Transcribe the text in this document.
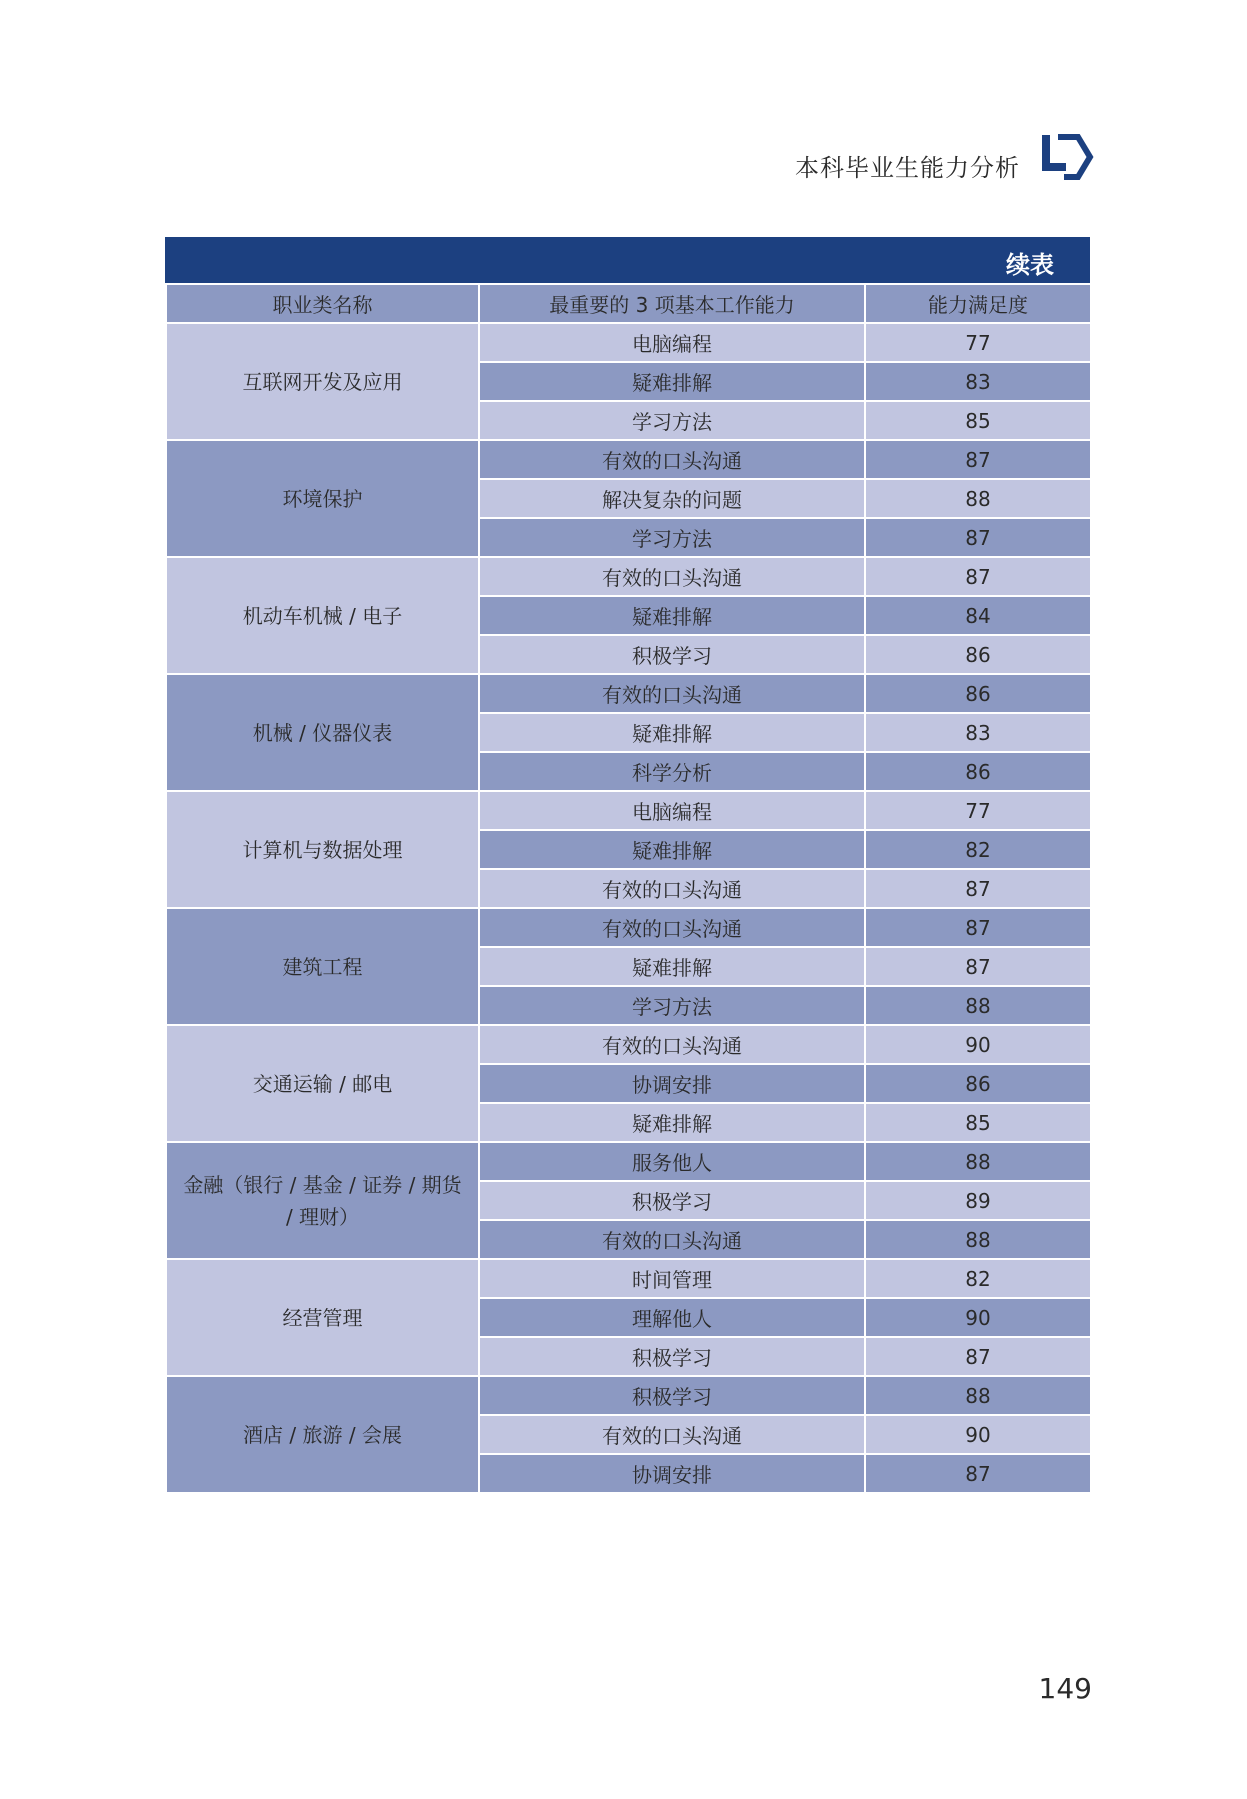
本科毕业生能力分析
续表
职业类名称	最重要的 3 项基本工作能力	能力满足度
互联网开发及应用	电脑编程	77
	疑难排解	83
	学习方法	85
环境保护	有效的口头沟通	87
	解决复杂的问题	88
	学习方法	87
机动车机械 / 电子	有效的口头沟通	87
	疑难排解	84
	积极学习	86
机械 / 仪器仪表	有效的口头沟通	86
	疑难排解	83
	科学分析	86
计算机与数据处理	电脑编程	77
	疑难排解	82
	有效的口头沟通	87
建筑工程	有效的口头沟通	87
	疑难排解	87
	学习方法	88
交通运输 / 邮电	有效的口头沟通	90
	协调安排	86
	疑难排解	85
金融（银行 / 基金 / 证券 / 期货 / 理财）	服务他人	88
	积极学习	89
	有效的口头沟通	88
经营管理	时间管理	82
	理解他人	90
	积极学习	87
酒店 / 旅游 / 会展	积极学习	88
	有效的口头沟通	90
	协调安排	87
149
